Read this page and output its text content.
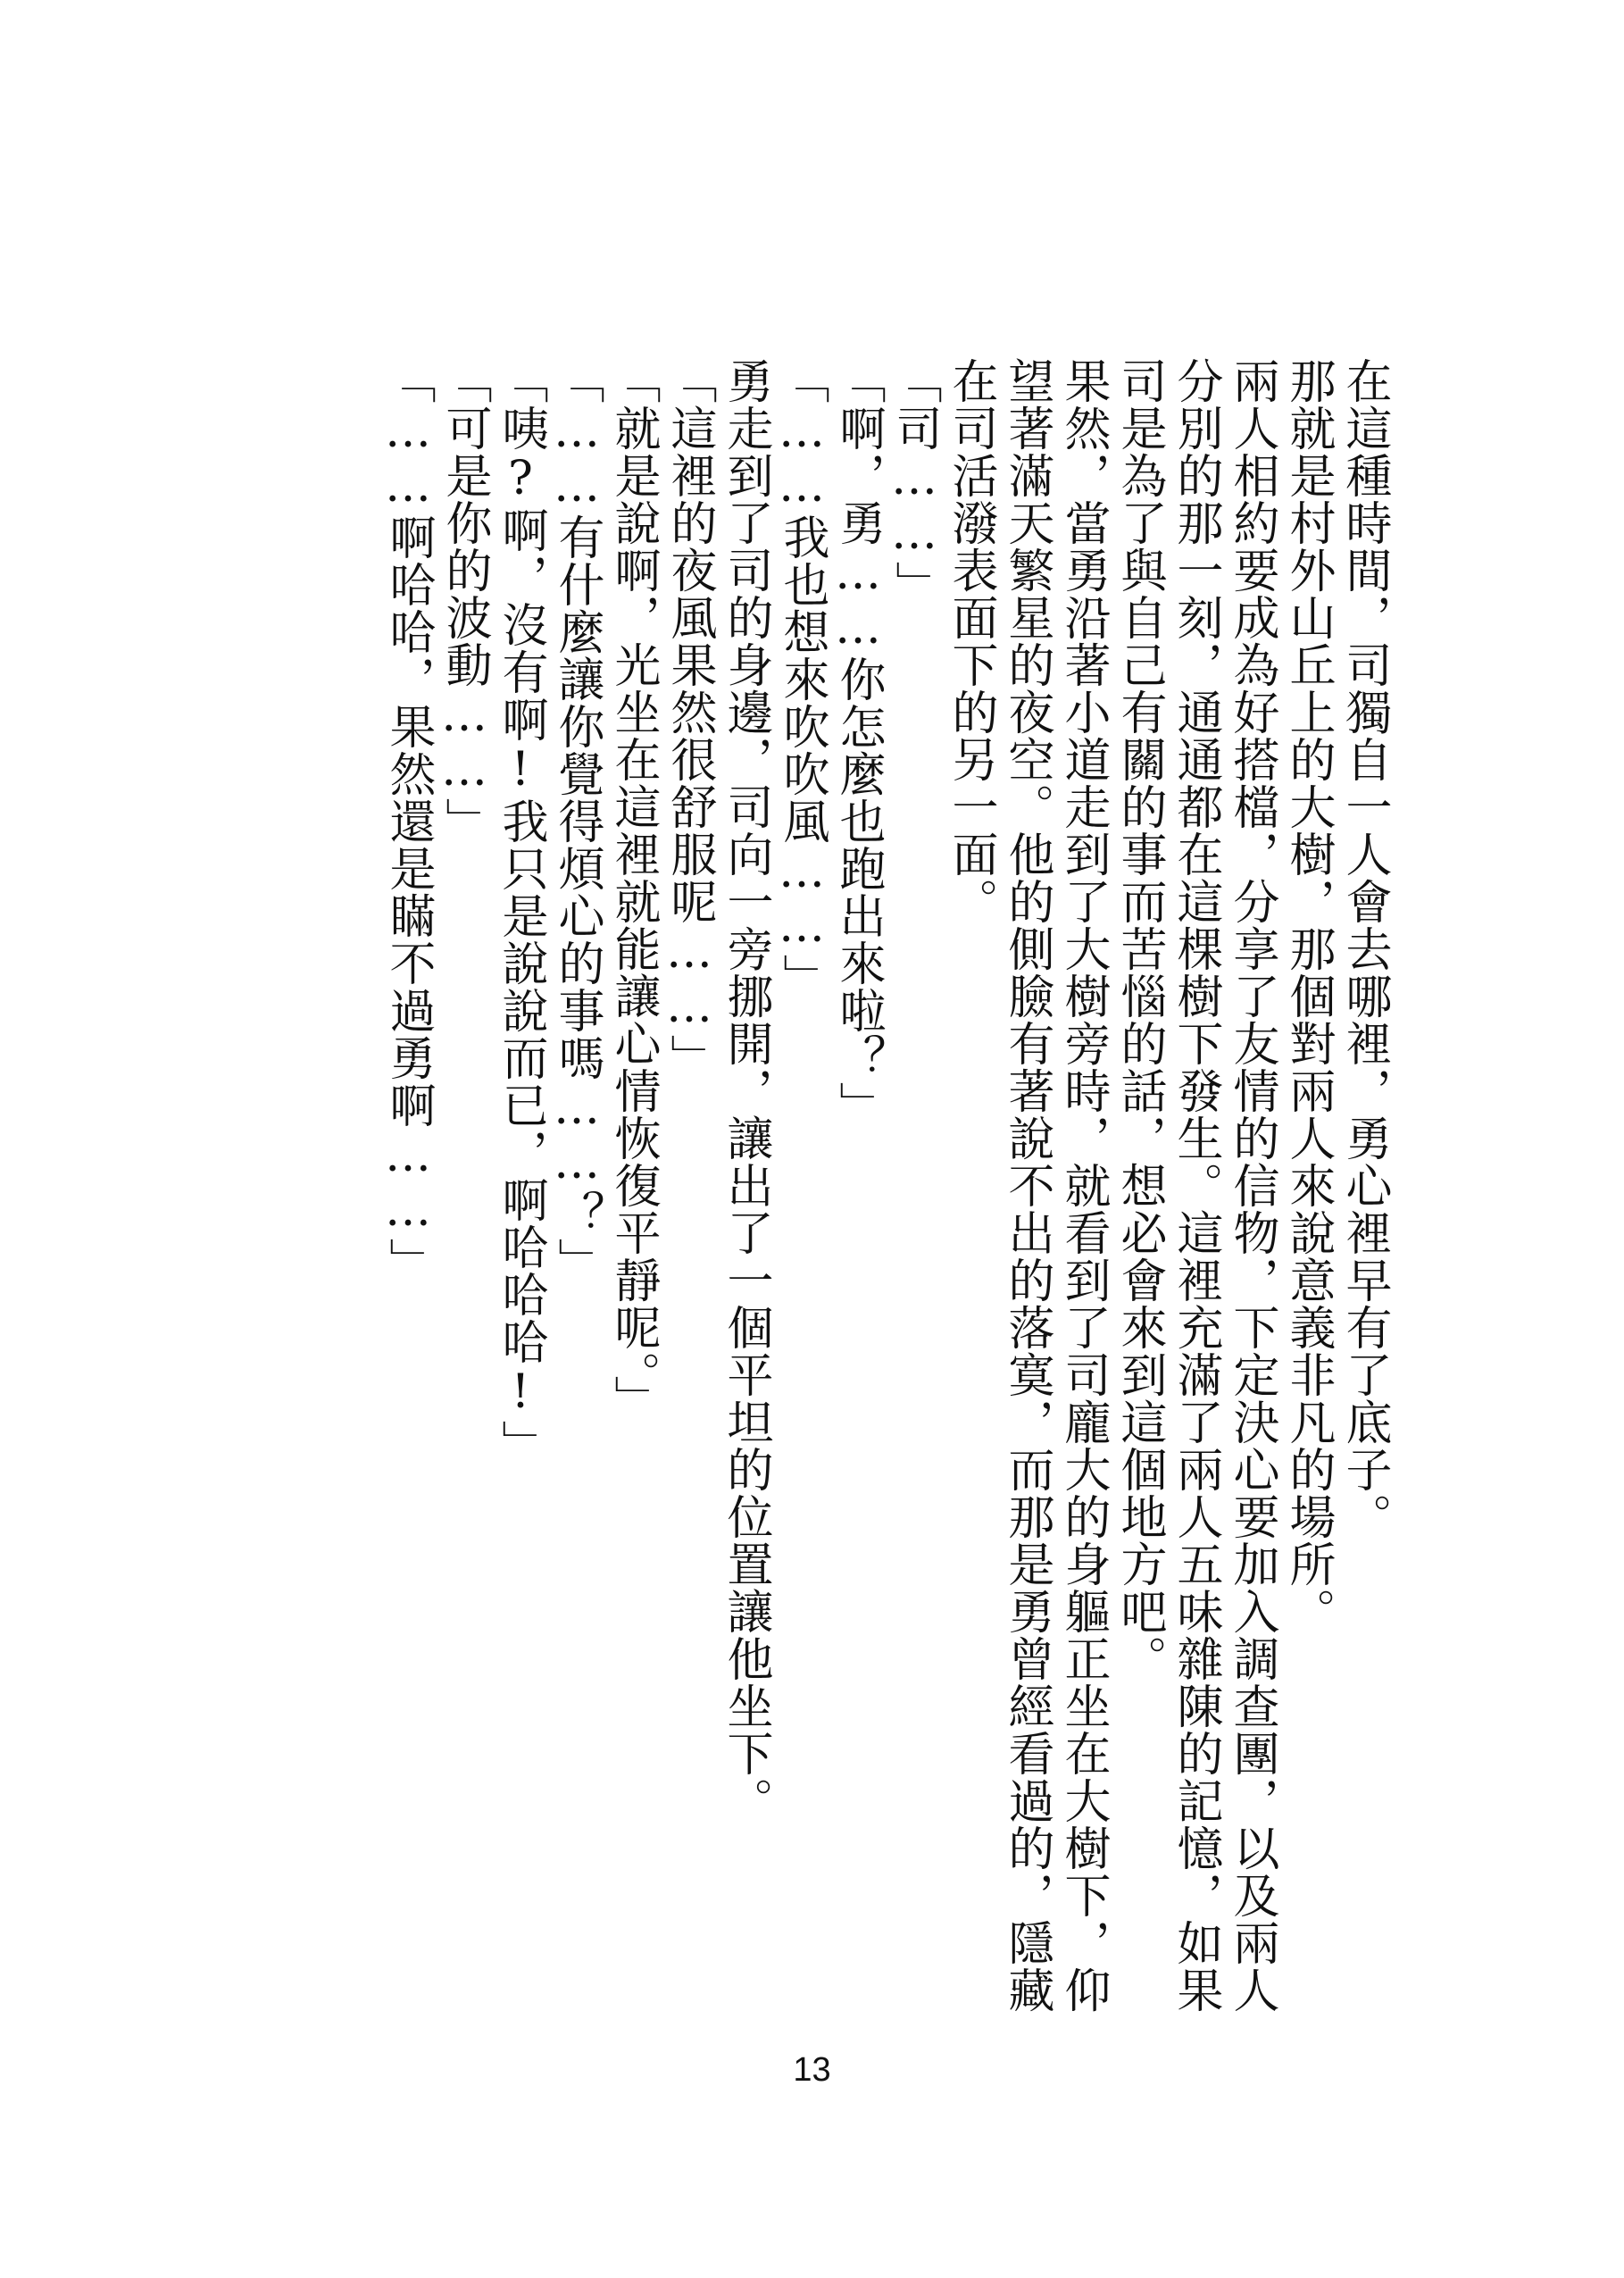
在這種時間，司獨自一人會去哪裡，勇心裡早有了底子。

那就是村外山丘上的大樹，那個對兩人來說意義非凡的場所。

兩人相約要成為好搭檔，分享了友情的信物，下定決心要加入調查團，以及兩人分別的那一刻，通通都在這棵樹下發生。這裡充滿了兩人五味雜陳的記憶，如果司是為了與自己有關的事而苦惱的話，想必會來到這個地方吧。

果然，當勇沿著小道走到了大樹旁時，就看到了司龐大的身軀正坐在大樹下，仰望著滿天繁星的夜空。他的側臉有著說不出的落寞，而那是勇曾經看過的，隱藏在司活潑表面下的另一面。

「司……」

「啊，勇……你怎麼也跑出來啦？」

「……我也想來吹吹風……」

勇走到了司的身邊，司向一旁挪開，讓出了一個平坦的位置讓他坐下。

「這裡的夜風果然很舒服呢……」

「就是說啊，光坐在這裡就能讓心情恢復平靜呢。」

「……有什麼讓你覺得煩心的事嗎……？」

「咦?啊，沒有啊!我只是說說而已，啊哈哈哈!」

「可是你的波動……」

「……啊哈哈，果然還是瞞不過勇啊……」

13
